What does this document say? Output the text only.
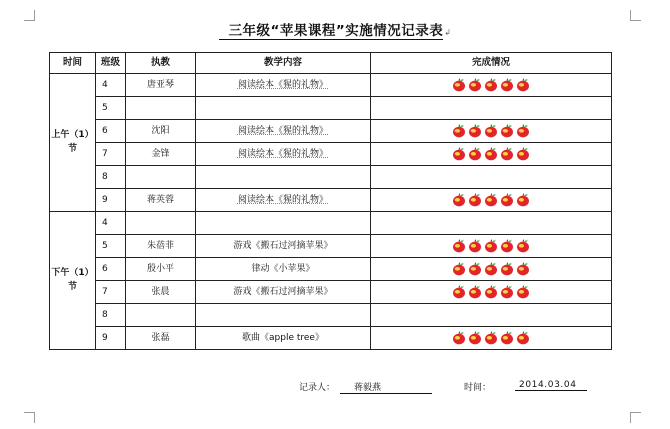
三年级“苹果课程”实施情况记录表↲
时间	班级	执教	教学内容	完成情况
上午（1）节	4	唐亚琴	阅读绘本《猩的礼物》	

	5			
	6	沈阳	阅读绘本《猩的礼物》	

	7	金锋	阅读绘本《猩的礼物》	

	8			
	9	蒋英蓉	阅读绘本《猩的礼物》	

下午（1）节	4			
	5	朱蓓菲	游戏《搬石过河摘苹果》	

	6	殷小平	律动《小苹果》	

	7	张晨	游戏《搬石过河摘苹果》	

	8			
	9	张磊	歌曲《apple tree》	
记录人：	蒋毅燕	时间：	2014.03.04
